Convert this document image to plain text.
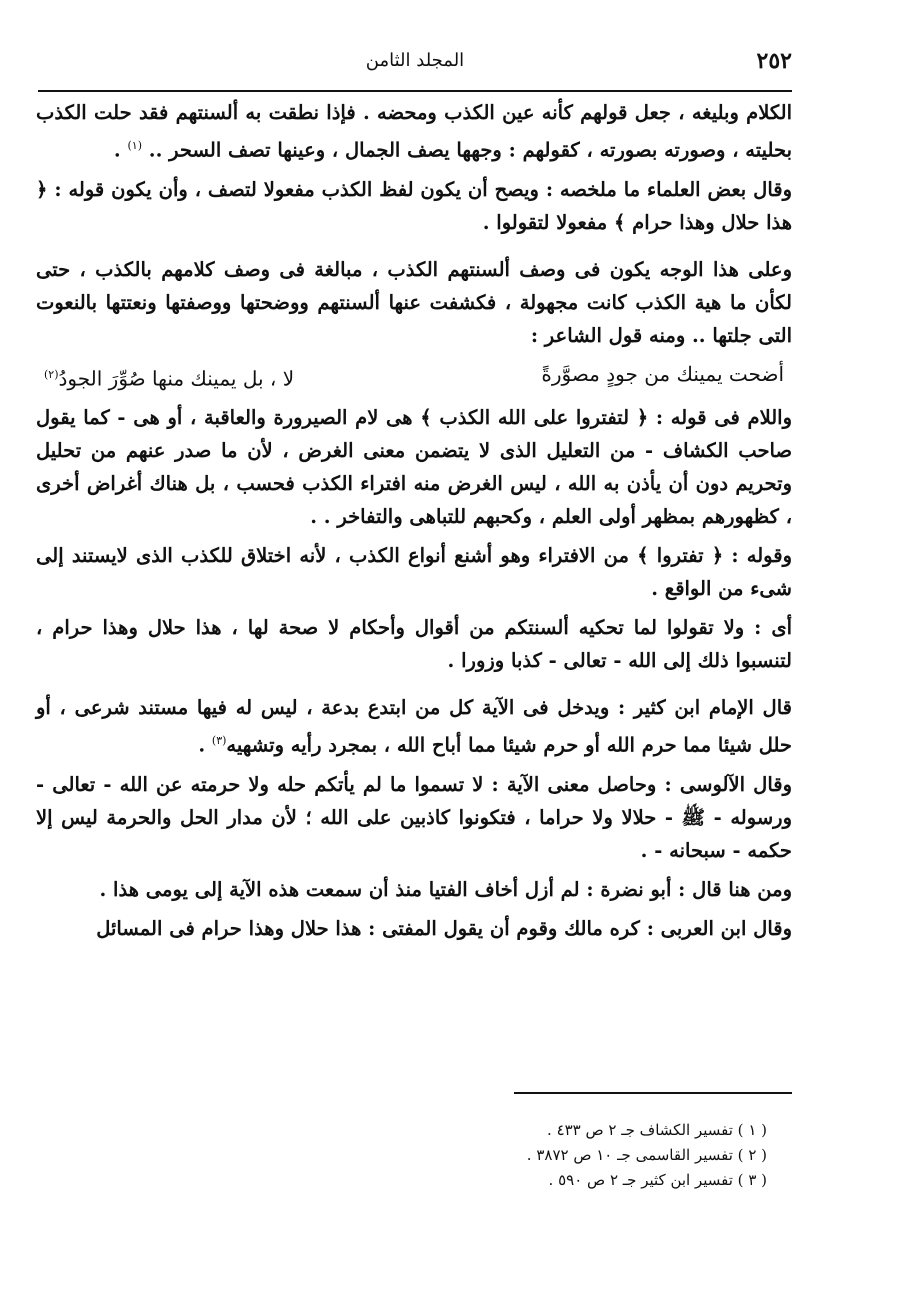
٢٥٢
المجلد الثامن

الكلام وبليغه ، جعل قولهم كأنه عين الكذب ومحضه . فإذا نطقت به ألسنتهم فقد حلت الكذب بحليته ، وصورته بصورته ، كقولهم : وجهها يصف الجمال ، وعينها تصف السحر .. $^{(١)}$ .

وقال بعض العلماء ما ملخصه : ويصح أن يكون لفظ الكذب مفعولا لتصف ، وأن يكون قوله : ﴿ هذا حلال وهذا حرام ﴾ مفعولا لتقولوا .

وعلى هذا الوجه يكون فى وصف ألسنتهم الكذب ، مبالغة فى وصف كلامهم بالكذب ، حتى لكأن ما هية الكذب كانت مجهولة ، فكشفت عنها ألسنتهم ووضحتها ووصفتها ونعتتها بالنعوت التى جلتها .. ومنه قول الشاعر :

أضحت يمينك من جودٍ مصوَّرةً
لا ، بل يمينك منها صُوِّرَ الجودُ$^{(٢)}$

واللام فى قوله : ﴿ لتفتروا على الله الكذب ﴾ هى لام الصيرورة والعاقبة ، أو هى - كما يقول صاحب الكشاف - من التعليل الذى لا يتضمن معنى الغرض ، لأن ما صدر عنهم من تحليل وتحريم دون أن يأذن به الله ، ليس الغرض منه افتراء الكذب فحسب ، بل هناك أغراض أخرى ، كظهورهم بمظهر أولى العلم ، وكحبهم للتباهى والتفاخر . .

وقوله : ﴿ تفتروا ﴾ من الافتراء وهو أشنع أنواع الكذب ، لأنه اختلاق للكذب الذى لايستند إلى شىء من الواقع .

أى : ولا تقولوا لما تحكيه ألسنتكم من أقوال وأحكام لا صحة لها ، هذا حلال وهذا حرام ، لتنسبوا ذلك إلى الله - تعالى - كذبا وزورا .

قال الإمام ابن كثير : ويدخل فى الآية كل من ابتدع بدعة ، ليس له فيها مستند شرعى ، أو حلل شيئا مما حرم الله أو حرم شيئا مما أباح الله ، بمجرد رأيه وتشهيه$^{(٣)}$ .

وقال الآلوسى : وحاصل معنى الآية : لا تسموا ما لم يأتكم حله ولا حرمته عن الله - تعالى - ورسوله - ﷺ - حلالا ولا حراما ، فتكونوا كاذبين على الله ؛ لأن مدار الحل والحرمة ليس إلا حكمه - سبحانه - .

ومن هنا قال : أبو نضرة : لم أزل أخاف الفتيا منذ أن سمعت هذه الآية إلى يومى هذا .

وقال ابن العربى : كره مالك وقوم أن يقول المفتى : هذا حلال وهذا حرام فى المسائل

( ١ ) تفسير الكشاف جـ ٢ ص ٤٣٣ .
( ٢ ) تفسير القاسمى جـ ١٠ ص ٣٨٧٢ .
( ٣ ) تفسير ابن كثير جـ ٢ ص ٥٩٠ .
